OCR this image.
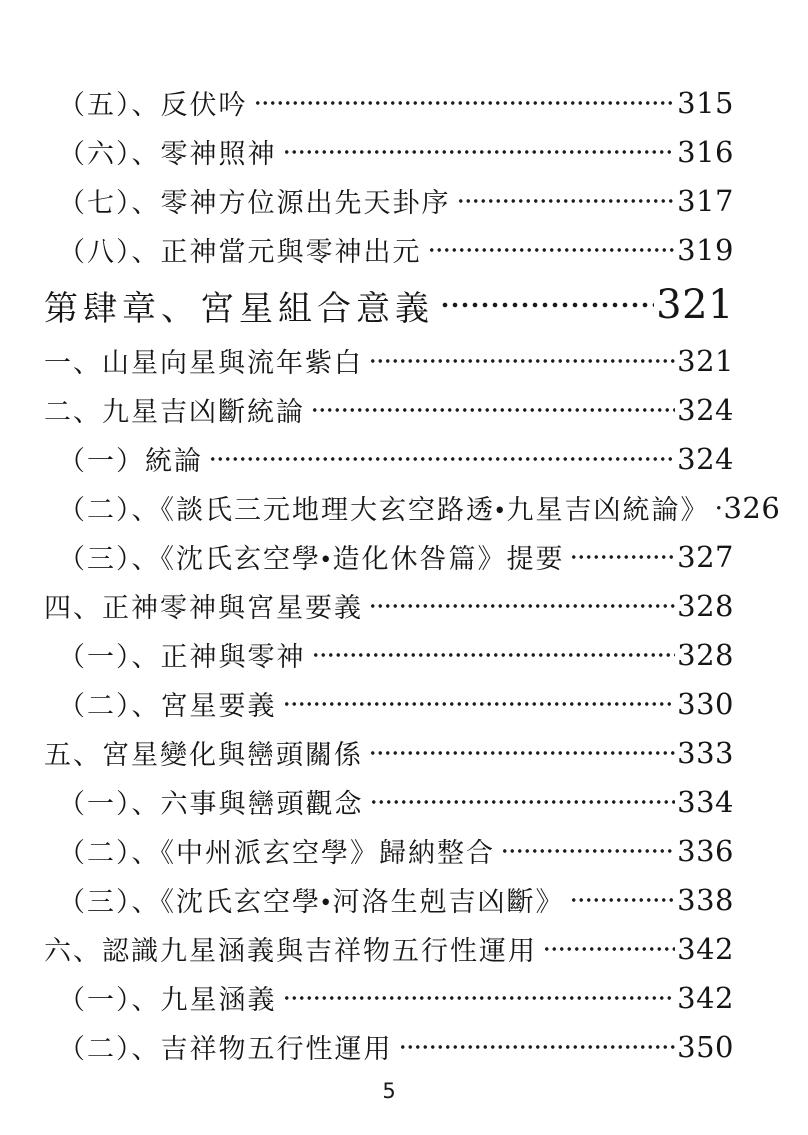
（五）、反伏吟	315
（六）、零神照神	316
（七）、零神方位源出先天卦序	317
（八）、正神當元與零神出元	319
第肆章、宮星組合意義	321
一、山星向星與流年紫白	321
二、九星吉凶斷統論	324
（一）統論	324
（二）、《談氏三元地理大玄空路透•九星吉凶統論》 326
（三）、《沈氏玄空學•造化休咎篇》提要	327
四、正神零神與宮星要義	328
（一）、正神與零神	328
（二）、宮星要義	330
五、宮星變化與巒頭關係	333
（一）、六事與巒頭觀念	334
（二）、《中州派玄空學》歸納整合	336
（三）、《沈氏玄空學•河洛生剋吉凶斷》	338
六、認識九星涵義與吉祥物五行性運用	342
（一）、九星涵義	342
（二）、吉祥物五行性運用	350
5
